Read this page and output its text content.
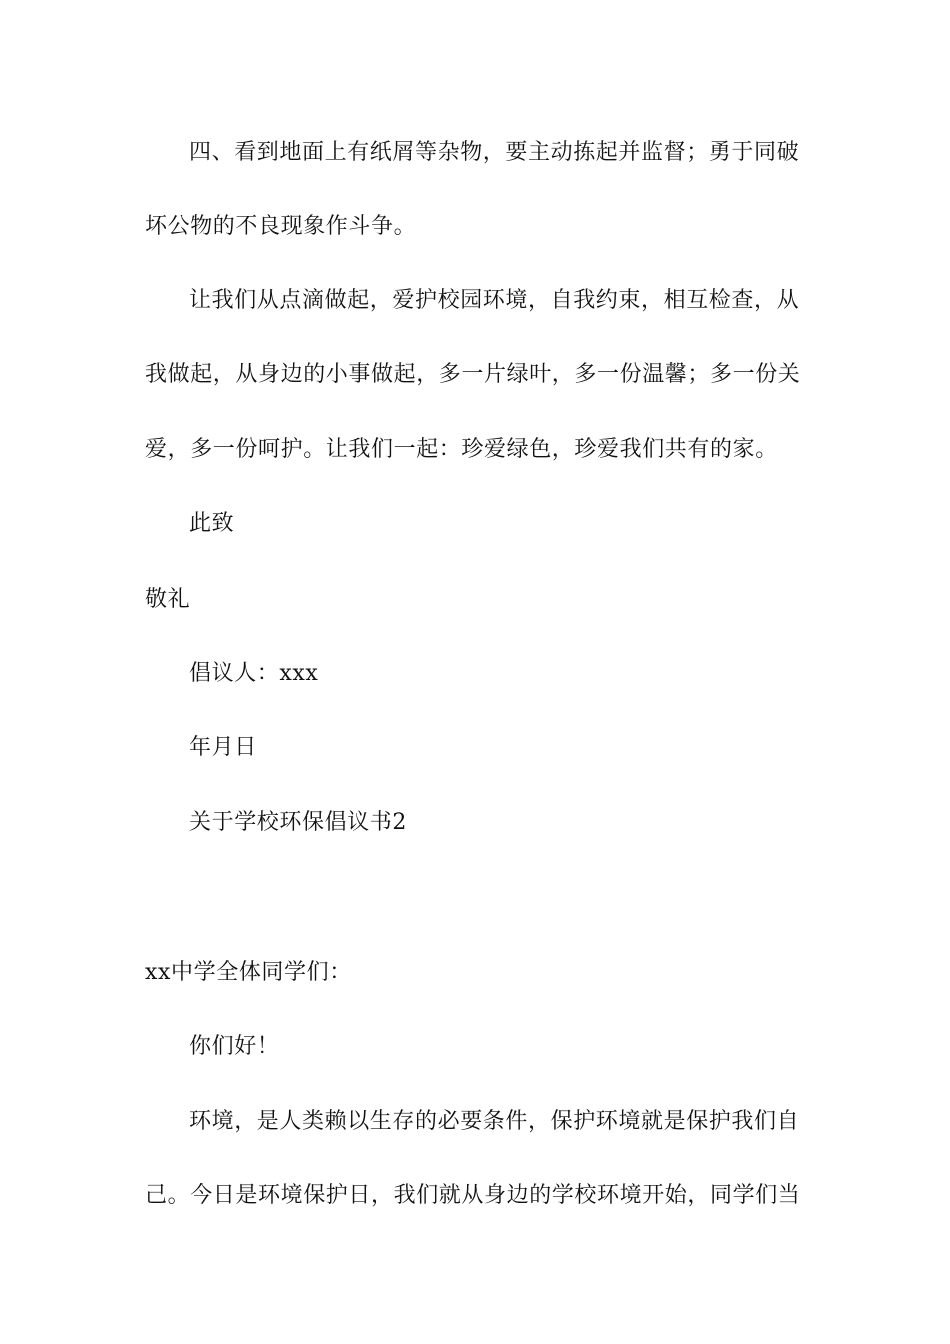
四、看到地面上有纸屑等杂物，要主动拣起并监督；勇于同破
坏公物的不良现象作斗争。
让我们从点滴做起，爱护校园环境，自我约束，相互检查，从
我做起，从身边的小事做起，多一片绿叶，多一份温馨；多一份关
爱，多一份呵护。让我们一起：珍爱绿色，珍爱我们共有的家。
此致
敬礼
倡议人：xxx
年月日
关于学校环保倡议书2
xx中学全体同学们：
你们好！
环境，是人类赖以生存的必要条件，保护环境就是保护我们自
己。今日是环境保护日，我们就从身边的学校环境开始，同学们当
